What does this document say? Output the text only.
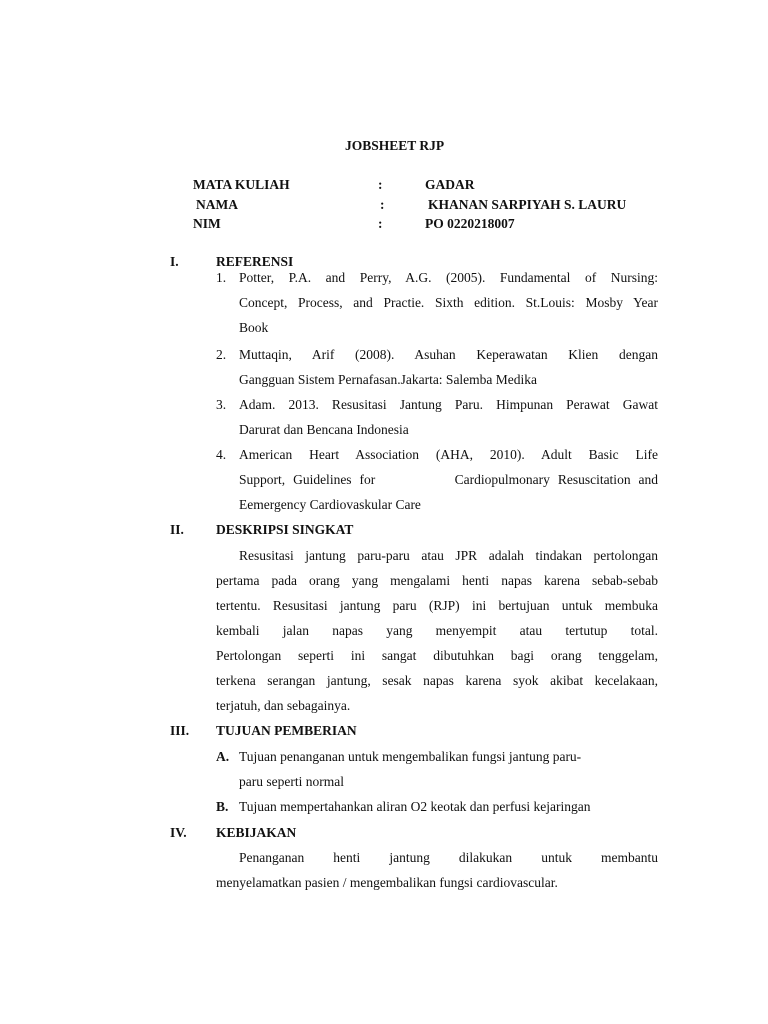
JOBSHEET RJP
MATA KULIAH	:	GADAR
NAMA	:	KHANAN SARPIYAH S. LAURU
NIM	:	PO 0220218007
I.	REFERENSI
1. Potter, P.A. and Perry, A.G. (2005). Fundamental of Nursing:
Concept, Process, and Practie. Sixth edition. St.Louis: Mosby Year
Book
2. Muttaqin, Arif (2008). Asuhan Keperawatan Klien dengan
Gangguan Sistem Pernafasan.Jakarta: Salemba Medika
3. Adam. 2013. Resusitasi Jantung Paru. Himpunan Perawat Gawat
Darurat dan Bencana Indonesia
4. American Heart Association (AHA, 2010). Adult Basic Life
Support, Guidelines for          Cardiopulmonary Resuscitation and
Eemergency Cardiovaskular Care
II. DESKRIPSI SINGKAT
Resusitasi jantung paru-paru atau JPR adalah tindakan pertolongan
pertama pada orang yang mengalami henti napas karena sebab-sebab
tertentu. Resusitasi jantung paru (RJP) ini bertujuan untuk membuka
kembali jalan napas yang menyempit atau tertutup total.
Pertolongan seperti ini sangat dibutuhkan bagi orang tenggelam,
terkena serangan jantung, sesak napas karena syok akibat kecelakaan,
terjatuh, dan sebagainya.
III. TUJUAN PEMBERIAN
A. Tujuan penanganan untuk mengembalikan fungsi jantung paru-
paru seperti normal
B. Tujuan mempertahankan aliran O2 keotak dan perfusi kejaringan
IV. KEBIJAKAN
Penanganan henti jantung dilakukan untuk membantu
menyelamatkan pasien / mengembalikan fungsi cardiovascular.
